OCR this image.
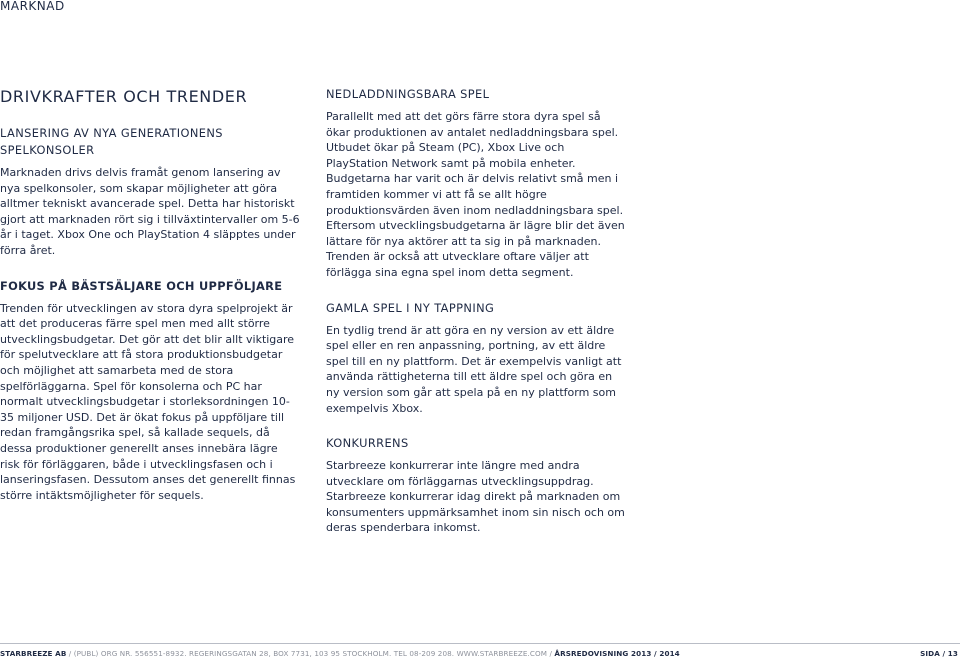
MARKNAD
DRIVKRAFTER OCH TRENDER
LANSERING AV NYA GENERATIONENS SPELKONSOLER

Marknaden drivs delvis framåt genom lansering av nya spelkonsoler, som skapar möjligheter att göra alltmer tekniskt avancerade spel. Detta har historiskt gjort att marknaden rört sig i tillväxtintervaller om 5-6 år i taget. Xbox One och PlayStation 4 släpptes under förra året.

FOKUS PÅ BÄSTSÄLJARE OCH UPPFÖLJARE

Trenden för utvecklingen av stora dyra spelprojekt är att det produceras färre spel men med allt större utvecklingsbudgetar. Det gör att det blir allt viktigare för spelutvecklare att få stora produktionsbudgetar och möjlighet att samarbeta med de stora spelförläggarna. Spel för konsolerna och PC har normalt utvecklingsbudgetar i storleksordningen 10-35 miljoner USD. Det är ökat fokus på uppföljare till redan framgångsrika spel, så kallade sequels, då dessa produktioner generellt anses innebära lägre risk för förläggaren, både i utvecklingsfasen och i lanseringsfasen. Dessutom anses det generellt finnas större intäktsmöjligheter för sequels.

NEDLADDNINGSBARA SPEL

Parallellt med att det görs färre stora dyra spel så ökar produktionen av antalet nedladdningsbara spel. Utbudet ökar på Steam (PC), Xbox Live och PlayStation Network samt på mobila enheter. Budgetarna har varit och är delvis relativt små men i framtiden kommer vi att få se allt högre produktionsvärden även inom nedladdningsbara spel. Eftersom utvecklingsbudgetarna är lägre blir det även lättare för nya aktörer att ta sig in på marknaden. Trenden är också att utvecklare oftare väljer att förlägga sina egna spel inom detta segment.

GAMLA SPEL I NY TAPPNING

En tydlig trend är att göra en ny version av ett äldre spel eller en ren anpassning, portning, av ett äldre spel till en ny plattform. Det är exempelvis vanligt att använda rättigheterna till ett äldre spel och göra en ny version som går att spela på en ny plattform som exempelvis Xbox.

KONKURRENS

Starbreeze konkurrerar inte längre med andra utvecklare om förläggarnas utvecklingsuppdrag. Starbreeze konkurrerar idag direkt på marknaden om konsumenters uppmärksamhet inom sin nisch och om deras spenderbara inkomst.

STARBREEZE AB / (PUBL) ORG NR. 556551-8932. REGERINGSGATAN 28, BOX 7731, 103 95 STOCKHOLM. TEL 08-209 208. WWW.STARBREEZE.COM / ÅRSREDOVISNING 2013 / 2014	SIDA / 13
